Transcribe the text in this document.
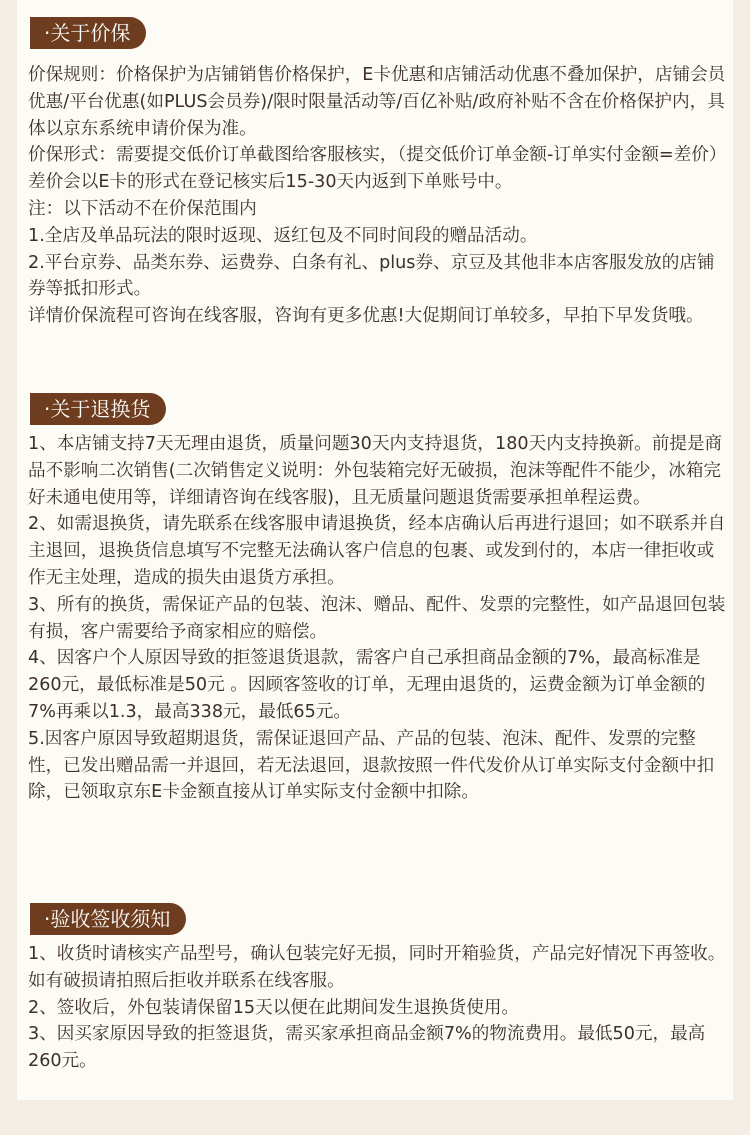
·关于价保

价保规则：价格保护为店铺销售价格保护，E卡优惠和店铺活动优惠不叠加保护，店铺会员优惠/平台优惠(如PLUS会员券)/限时限量活动等/百亿补贴/政府补贴不含在价格保护内，具体以京东系统申请价保为准。

价保形式：需要提交低价订单截图给客服核实，（提交低价订单金额-订单实付金额=差价）差价会以E卡的形式在登记核实后15-30天内返到下单账号中。

注：以下活动不在价保范围内

1.全店及单品玩法的限时返现、返红包及不同时间段的赠品活动。

2.平台京券、品类东券、运费券、白条有礼、plus券、京豆及其他非本店客服发放的店铺券等抵扣形式。

详情价保流程可咨询在线客服，咨询有更多优惠!大促期间订单较多，早拍下早发货哦。

·关于退换货

1、本店铺支持7天无理由退货，质量问题30天内支持退货，180天内支持换新。前提是商品不影响二次销售(二次销售定义说明：外包装箱完好无破损，泡沫等配件不能少，冰箱完好未通电使用等，详细请咨询在线客服)，且无质量问题退货需要承担单程运费。

2、如需退换货，请先联系在线客服申请退换货，经本店确认后再进行退回；如不联系并自主退回，退换货信息填写不完整无法确认客户信息的包裹、或发到付的，本店一律拒收或作无主处理，造成的损失由退货方承担。

3、所有的换货，需保证产品的包装、泡沫、赠品、配件、发票的完整性，如产品退回包装有损，客户需要给予商家相应的赔偿。

4、因客户个人原因导致的拒签退货退款，需客户自己承担商品金额的7%，最高标准是260元，最低标准是50元 。因顾客签收的订单，无理由退货的，运费金额为订单金额的7%再乘以1.3，最高338元，最低65元。

5.因客户原因导致超期退货，需保证退回产品、产品的包装、泡沫、配件、发票的完整性，已发出赠品需一并退回，若无法退回，退款按照一件代发价从订单实际支付金额中扣除，已领取京东E卡金额直接从订单实际支付金额中扣除。

·验收签收须知

1、收货时请核实产品型号，确认包装完好无损，同时开箱验货，产品完好情况下再签收。如有破损请拍照后拒收并联系在线客服。

2、签收后，外包装请保留15天以便在此期间发生退换货使用。

3、因买家原因导致的拒签退货，需买家承担商品金额7%的物流费用。最低50元，最高260元。
